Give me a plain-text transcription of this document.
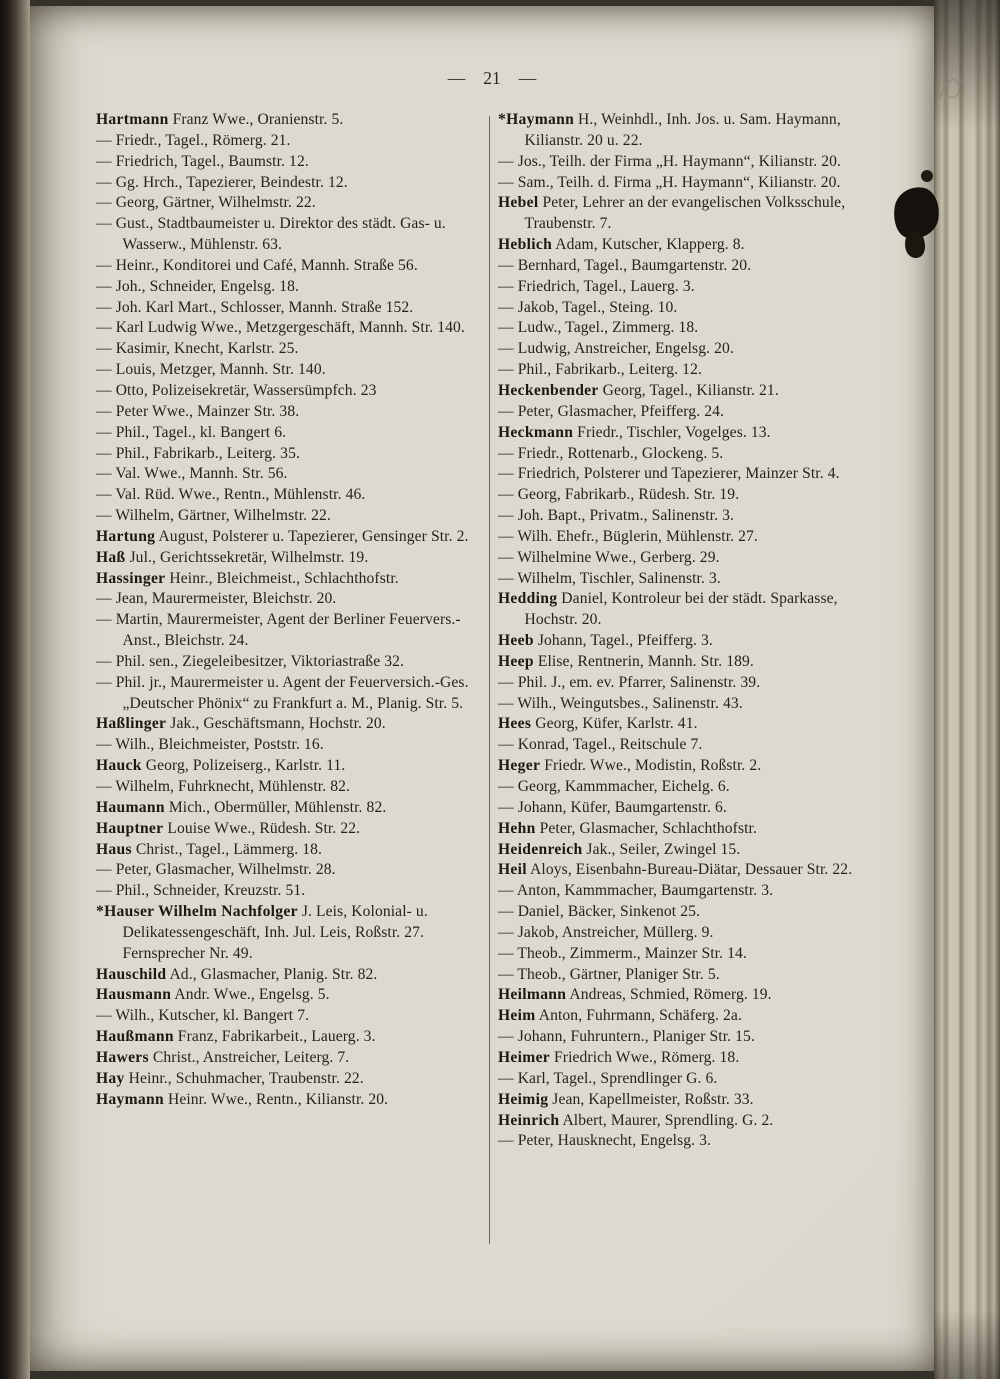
— 21 —

Hartmann Franz Wwe., Oranienstr. 5.

— Friedr., Tagel., Römerg. 21.

— Friedrich, Tagel., Baumstr. 12.

— Gg. Hrch., Tapezierer, Beindestr. 12.

— Georg, Gärtner, Wilhelmstr. 22.

— Gust., Stadtbaumeister u. Direktor des städt. Gas- u. Wasserw., Mühlenstr. 63.

— Heinr., Konditorei und Café, Mannh. Straße 56.

— Joh., Schneider, Engelsg. 18.

— Joh. Karl Mart., Schlosser, Mannh. Straße 152.

— Karl Ludwig Wwe., Metzgergeschäft, Mannh. Str. 140.

— Kasimir, Knecht, Karlstr. 25.

— Louis, Metzger, Mannh. Str. 140.

— Otto, Polizeisekretär, Wassersümpfch. 23

— Peter Wwe., Mainzer Str. 38.

— Phil., Tagel., kl. Bangert 6.

— Phil., Fabrikarb., Leiterg. 35.

— Val. Wwe., Mannh. Str. 56.

— Val. Rüd. Wwe., Rentn., Mühlenstr. 46.

— Wilhelm, Gärtner, Wilhelmstr. 22.

Hartung August, Polsterer u. Tapezierer, Gensinger Str. 2.

Haß Jul., Gerichtssekretär, Wilhelmstr. 19.

Hassinger Heinr., Bleichmeist., Schlachthofstr.

— Jean, Maurermeister, Bleichstr. 20.

— Martin, Maurermeister, Agent der Berliner Feuervers.-Anst., Bleichstr. 24.

— Phil. sen., Ziegeleibesitzer, Viktoriastraße 32.

— Phil. jr., Maurermeister u. Agent der Feuerversich.-Ges. „Deutscher Phönix“ zu Frankfurt a. M., Planig. Str. 5.

Haßlinger Jak., Geschäftsmann, Hochstr. 20.

— Wilh., Bleichmeister, Poststr. 16.

Hauck Georg, Polizeiserg., Karlstr. 11.

— Wilhelm, Fuhrknecht, Mühlenstr. 82.

Haumann Mich., Obermüller, Mühlenstr. 82.

Hauptner Louise Wwe., Rüdesh. Str. 22.

Haus Christ., Tagel., Lämmerg. 18.

— Peter, Glasmacher, Wilhelmstr. 28.

— Phil., Schneider, Kreuzstr. 51.

*Hauser Wilhelm Nachfolger J. Leis, Kolonial- u. Delikatessengeschäft, Inh. Jul. Leis, Roßstr. 27. Fernsprecher Nr. 49.

Hauschild Ad., Glasmacher, Planig. Str. 82.

Hausmann Andr. Wwe., Engelsg. 5.

— Wilh., Kutscher, kl. Bangert 7.

Haußmann Franz, Fabrikarbeit., Lauerg. 3.

Hawers Christ., Anstreicher, Leiterg. 7.

Hay Heinr., Schuhmacher, Traubenstr. 22.

Haymann Heinr. Wwe., Rentn., Kilianstr. 20.

*Haymann H., Weinhdl., Inh. Jos. u. Sam. Haymann, Kilianstr. 20 u. 22.

— Jos., Teilh. der Firma „H. Haymann“, Kilianstr. 20.

— Sam., Teilh. d. Firma „H. Haymann“, Kilianstr. 20.

Hebel Peter, Lehrer an der evangelischen Volksschule, Traubenstr. 7.

Heblich Adam, Kutscher, Klapperg. 8.

— Bernhard, Tagel., Baumgartenstr. 20.

— Friedrich, Tagel., Lauerg. 3.

— Jakob, Tagel., Steing. 10.

— Ludw., Tagel., Zimmerg. 18.

— Ludwig, Anstreicher, Engelsg. 20.

— Phil., Fabrikarb., Leiterg. 12.

Heckenbender Georg, Tagel., Kilianstr. 21.

— Peter, Glasmacher, Pfeifferg. 24.

Heckmann Friedr., Tischler, Vogelges. 13.

— Friedr., Rottenarb., Glockeng. 5.

— Friedrich, Polsterer und Tapezierer, Mainzer Str. 4.

— Georg, Fabrikarb., Rüdesh. Str. 19.

— Joh. Bapt., Privatm., Salinenstr. 3.

— Wilh. Ehefr., Büglerin, Mühlenstr. 27.

— Wilhelmine Wwe., Gerberg. 29.

— Wilhelm, Tischler, Salinenstr. 3.

Hedding Daniel, Kontroleur bei der städt. Sparkasse, Hochstr. 20.

Heeb Johann, Tagel., Pfeifferg. 3.

Heep Elise, Rentnerin, Mannh. Str. 189.

— Phil. J., em. ev. Pfarrer, Salinenstr. 39.

— Wilh., Weingutsbes., Salinenstr. 43.

Hees Georg, Küfer, Karlstr. 41.

— Konrad, Tagel., Reitschule 7.

Heger Friedr. Wwe., Modistin, Roßstr. 2.

— Georg, Kammmacher, Eichelg. 6.

— Johann, Küfer, Baumgartenstr. 6.

Hehn Peter, Glasmacher, Schlachthofstr.

Heidenreich Jak., Seiler, Zwingel 15.

Heil Aloys, Eisenbahn-Bureau-Diätar, Dessauer Str. 22.

— Anton, Kammmacher, Baumgartenstr. 3.

— Daniel, Bäcker, Sinkenot 25.

— Jakob, Anstreicher, Müllerg. 9.

— Theob., Zimmerm., Mainzer Str. 14.

— Theob., Gärtner, Planiger Str. 5.

Heilmann Andreas, Schmied, Römerg. 19.

Heim Anton, Fuhrmann, Schäferg. 2a.

— Johann, Fuhruntern., Planiger Str. 15.

Heimer Friedrich Wwe., Römerg. 18.

— Karl, Tagel., Sprendlinger G. 6.

Heimig Jean, Kapellmeister, Roßstr. 33.

Heinrich Albert, Maurer, Sprendling. G. 2.

— Peter, Hausknecht, Engelsg. 3.
